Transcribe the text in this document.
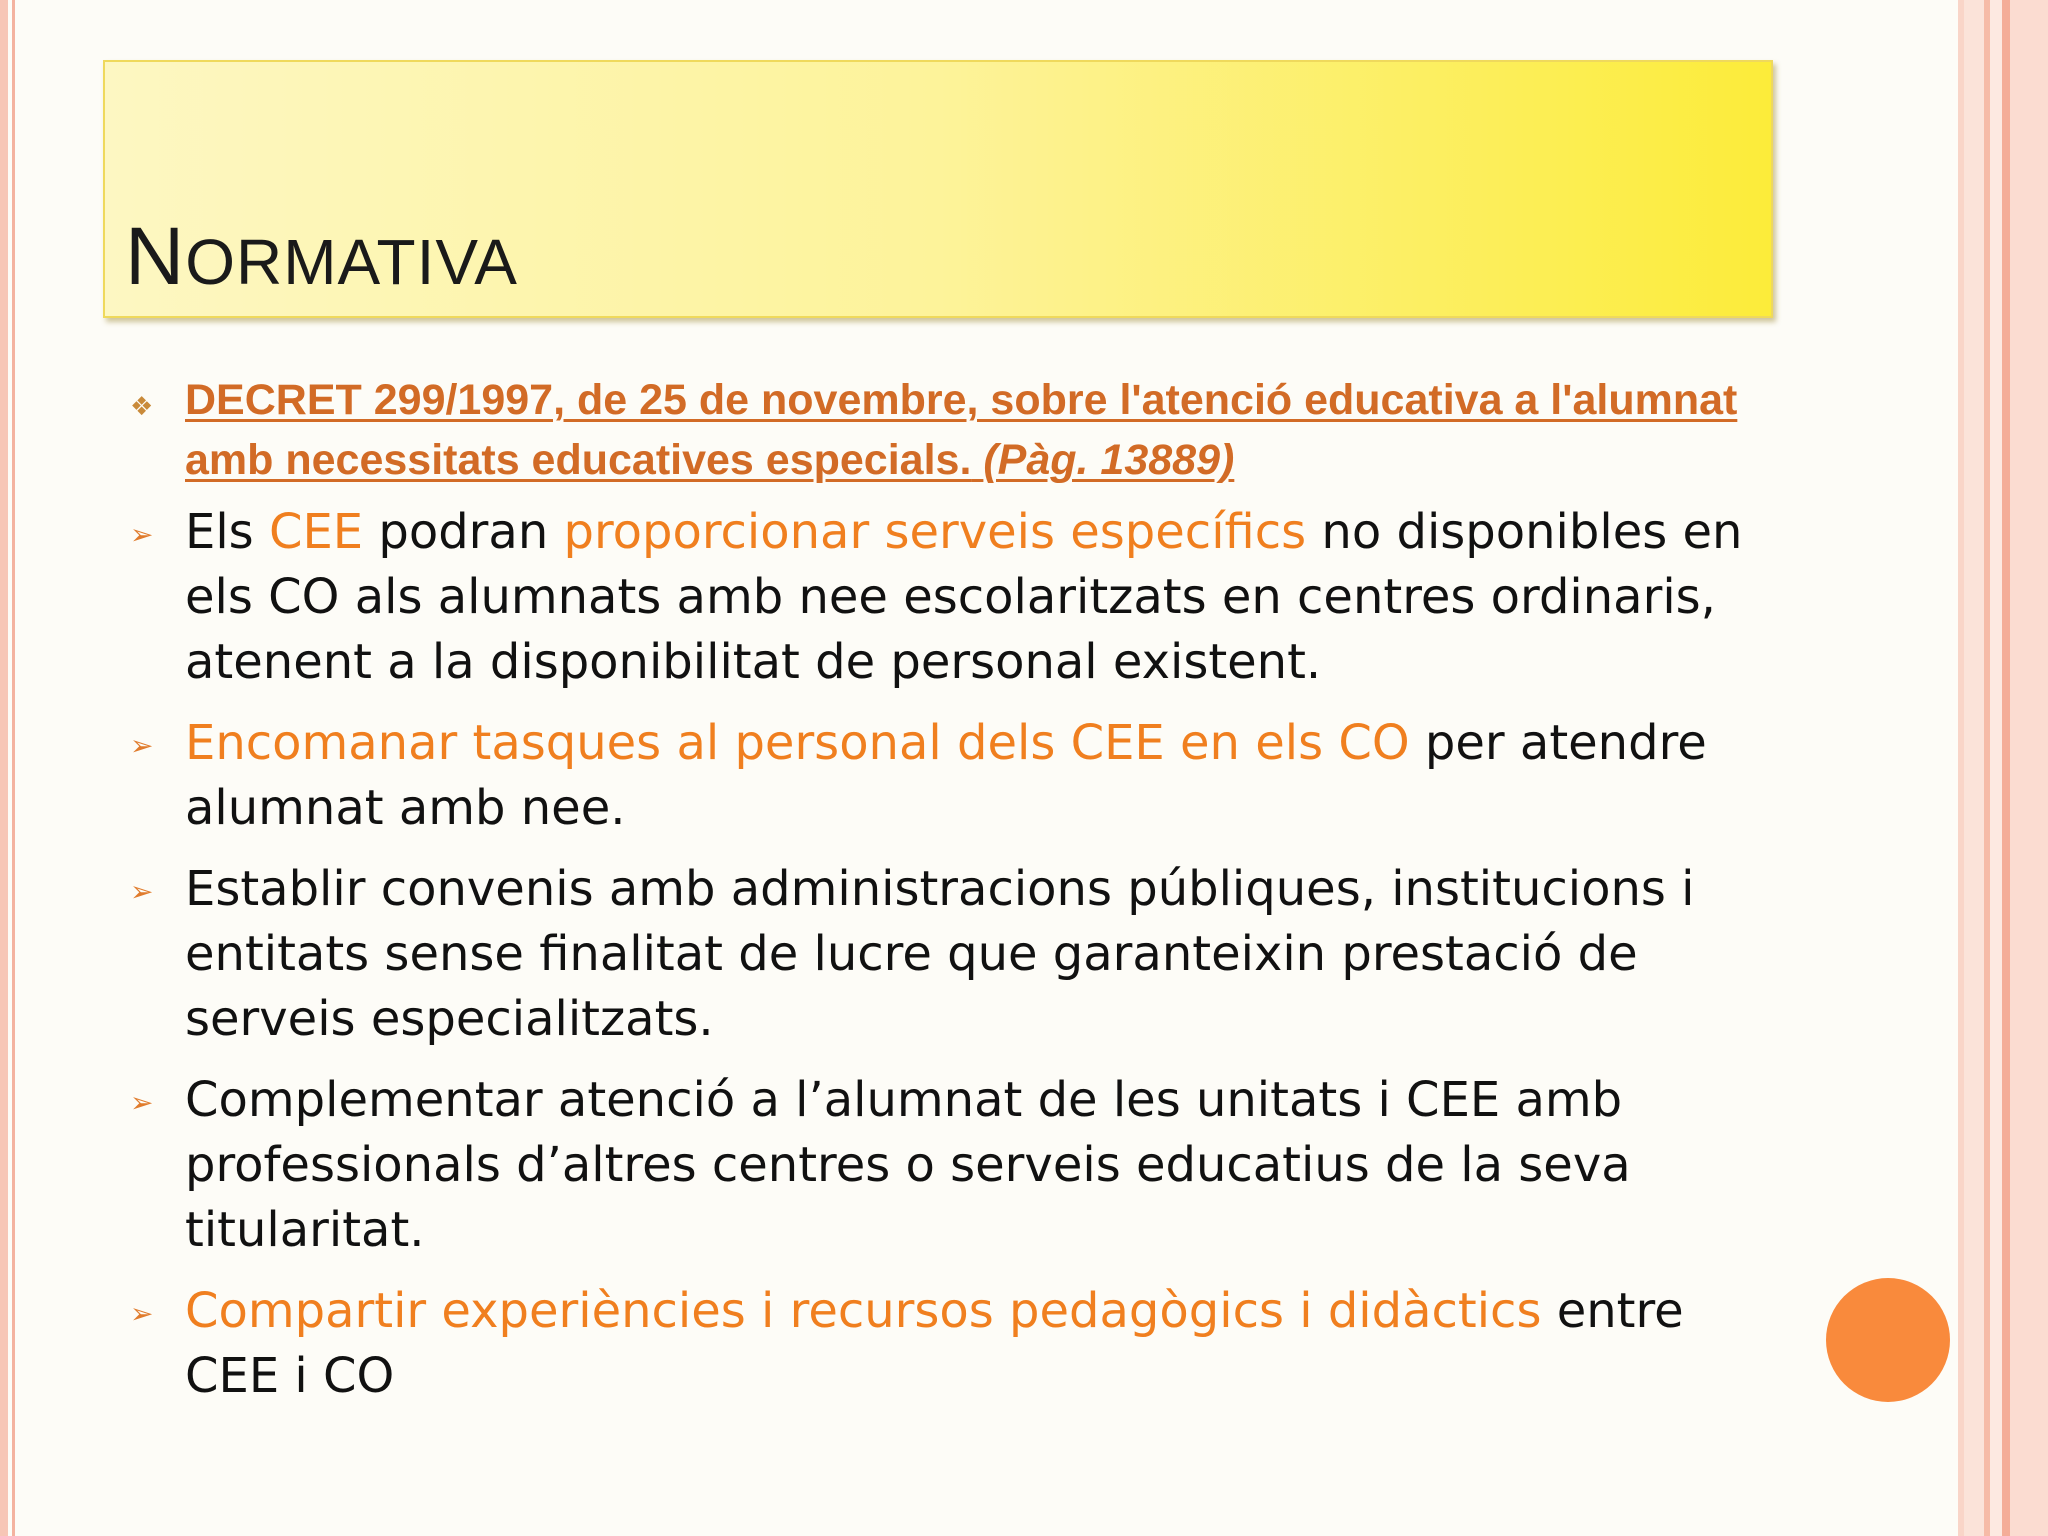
NORMATIVA
❖ DECRET 299/1997, de 25 de novembre, sobre l'atenció educativa a l'alumnat amb necessitats educatives especials. (Pàg. 13889)
➢ Els CEE podran proporcionar serveis específics no disponibles en els CO als alumnats amb nee escolaritzats en centres ordinaris, atenent a la disponibilitat de personal existent.
➢ Encomanar tasques al personal dels CEE en els CO per atendre alumnat amb nee.
➢ Establir convenis amb administracions públiques, institucions i entitats sense finalitat de lucre que garanteixin prestació de serveis especialitzats.
➢ Complementar atenció a l’alumnat de les unitats i CEE amb professionals d’altres centres o serveis educatius de la seva titularitat.
➢ Compartir experiències i recursos pedagògics i didàctics entre CEE i CO
